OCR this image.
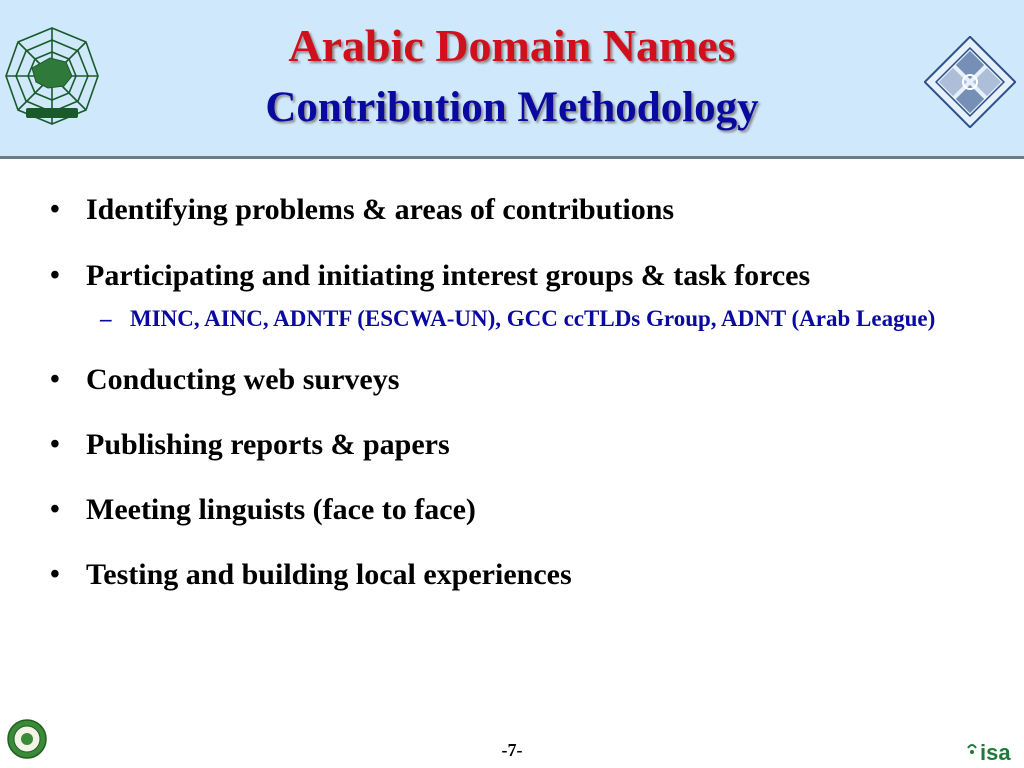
Arabic Domain Names
Contribution Methodology
• Identifying problems & areas of contributions
• Participating and initiating interest groups & task forces
– MINC, AINC, ADNTF (ESCWA-UN), GCC ccTLDs Group, ADNT (Arab League)
• Conducting web surveys
• Publishing reports & papers
• Meeting linguists (face to face)
• Testing and building local experiences
-7-	isa
